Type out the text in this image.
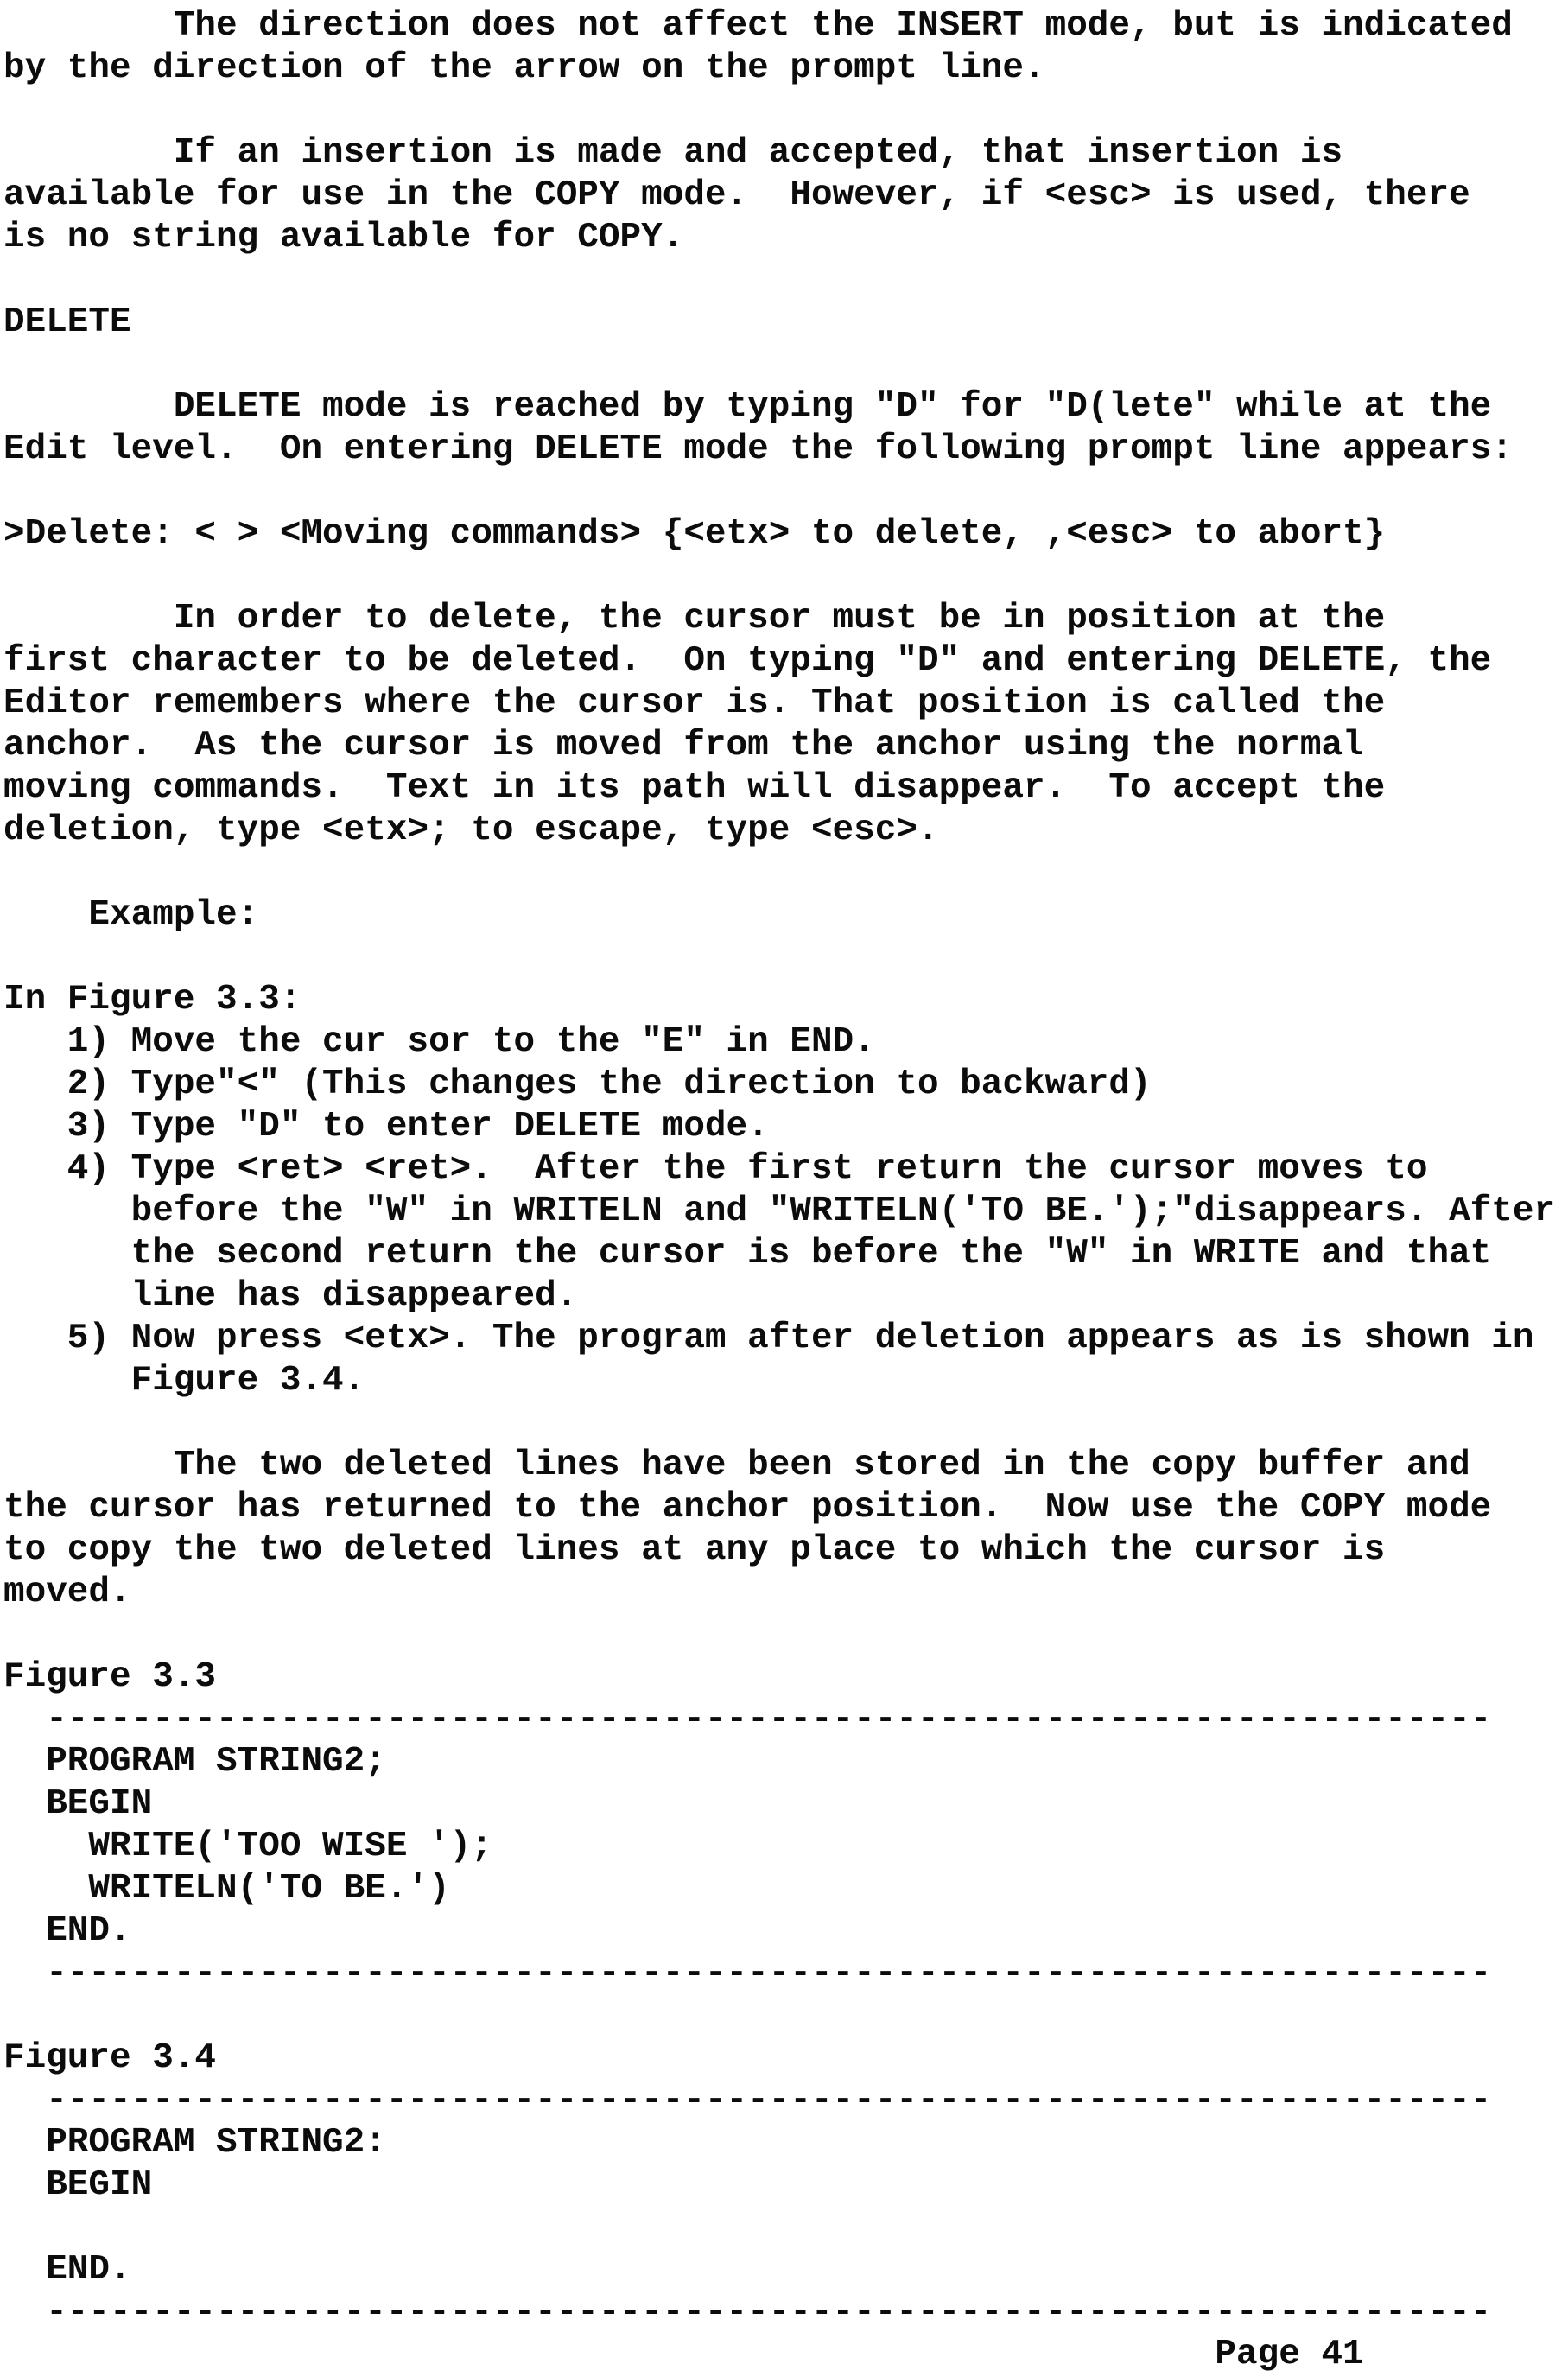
The direction does not affect the INSERT mode, but is indicated
by the direction of the arrow on the prompt line.

If an insertion is made and accepted, that insertion is
available for use in the COPY mode.  However, if <esc> is used, there
is no string available for COPY.

DELETE

DELETE mode is reached by typing "D" for "D(lete" while at the
Edit level.  On entering DELETE mode the following prompt line appears:

>Delete: < > <Moving commands> {<etx> to delete, ,<esc> to abort}

In order to delete, the cursor must be in position at the
first character to be deleted.  On typing "D" and entering DELETE, the
Editor remembers where the cursor is. That position is called the
anchor.  As the cursor is moved from the anchor using the normal
moving commands.  Text in its path will disappear.  To accept the
deletion, type <etx>; to escape, type <esc>.

Example:

In Figure 3.3:
1) Move the cur sor to the "E" in END.
2) Type"<" (This changes the direction to backward)
3) Type "D" to enter DELETE mode.
4) Type <ret> <ret>.  After the first return the cursor moves to
before the "W" in WRITELN and "WRITELN('TO BE.');"disappears. After
the second return the cursor is before the "W" in WRITE and that
line has disappeared.
5) Now press <etx>. The program after deletion appears as is shown in
Figure 3.4.

The two deleted lines have been stored in the copy buffer and
the cursor has returned to the anchor position.  Now use the COPY mode
to copy the two deleted lines at any place to which the cursor is
moved.

Figure 3.3
--------------------------------------------------------------------
PROGRAM STRING2;
BEGIN
WRITE('TOO WISE ');
WRITELN('TO BE.')
END.
--------------------------------------------------------------------

Figure 3.4
--------------------------------------------------------------------
PROGRAM STRING2:
BEGIN

END.
--------------------------------------------------------------------
Page 41
